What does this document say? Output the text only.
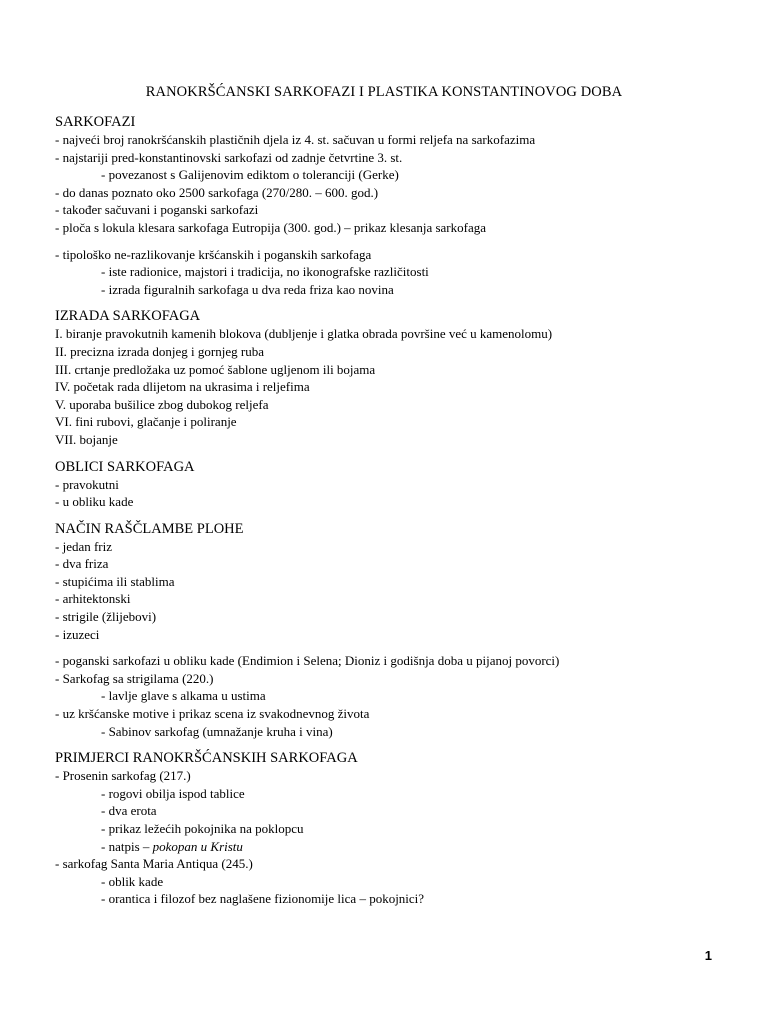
RANOKRŠĆANSKI SARKOFAZI I PLASTIKA KONSTANTINOVOG DOBA
SARKOFAZI
- najveći broj ranokršćanskih plastičnih djela iz 4. st. sačuvan u formi reljefa na sarkofazima
- najstariji pred-konstantinovski sarkofazi od zadnje četvrtine 3. st.
- povezanost s Galijenovim ediktom o toleranciji (Gerke)
- do danas poznato oko 2500 sarkofaga (270/280. – 600. god.)
- također sačuvani i poganski sarkofazi
- ploča s lokula klesara sarkofaga Eutropija (300. god.) – prikaz klesanja sarkofaga
- tipološko ne-razlikovanje kršćanskih i poganskih sarkofaga
- iste radionice, majstori i tradicija, no ikonografske različitosti
- izrada figuralnih sarkofaga u dva reda friza kao novina
IZRADA SARKOFAGA
I. biranje pravokutnih kamenih blokova (dubljenje i glatka obrada površine već u kamenolomu)
II. precizna izrada donjeg i gornjeg ruba
III. crtanje predložaka uz pomoć šablone ugljenom ili bojama
IV. početak rada dlijetom na ukrasima i reljefima
V. uporaba bušilice zbog dubokog reljefa
VI. fini rubovi, glačanje i poliranje
VII. bojanje
OBLICI SARKOFAGA
- pravokutni
- u obliku kade
NAČIN RAŠČLAMBE PLOHE
- jedan friz
- dva friza
- stupićima ili stablima
- arhitektonski
- strigile (žlijebovi)
- izuzeci
- poganski sarkofazi u obliku kade (Endimion i Selena; Dioniz i godišnja doba u pijanoj povorci)
- Sarkofag sa strigilama (220.)
- lavlje glave s alkama u ustima
- uz kršćanske motive i prikaz scena iz svakodnevnog života
- Sabinov sarkofag (umnažanje kruha i vina)
PRIMJERCI RANOKRŠĆANSKIH SARKOFAGA
- Prosenin sarkofag (217.)
- rogovi obilja ispod tablice
- dva erota
- prikaz ležećih pokojnika na poklopcu
- natpis – pokopan u Kristu
- sarkofag Santa Maria Antiqua (245.)
- oblik kade
- orantica i filozof bez naglašene fizionomije lica – pokojnici?
1
